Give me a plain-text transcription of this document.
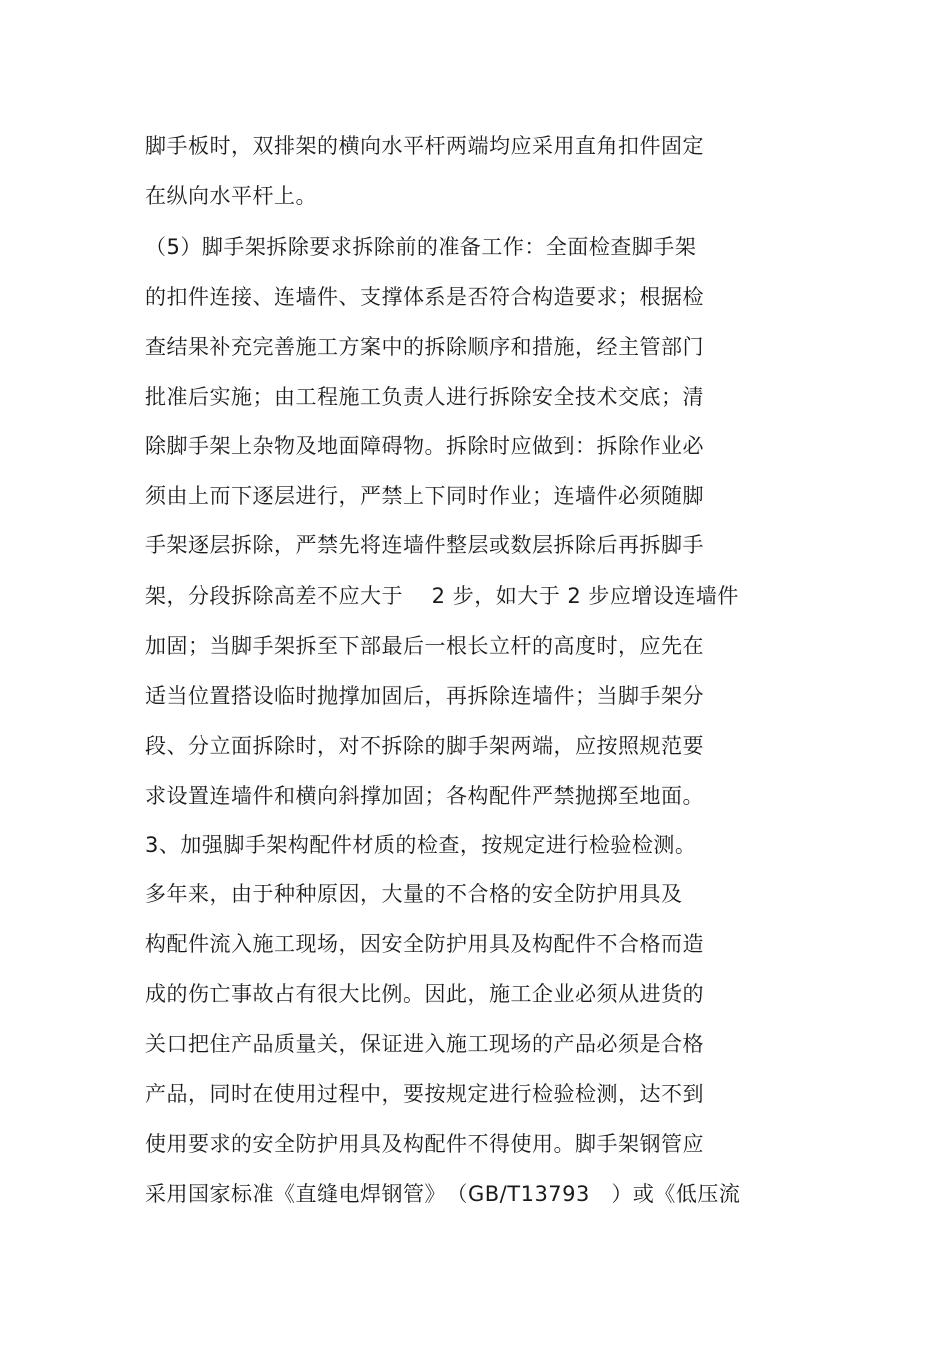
脚手板时，双排架的横向水平杆两端均应采用直角扣件固定
在纵向水平杆上。
（5）脚手架拆除要求拆除前的准备工作：全面检查脚手架
的扣件连接、连墙件、支撑体系是否符合构造要求；根据检
查结果补充完善施工方案中的拆除顺序和措施，经主管部门
批准后实施；由工程施工负责人进行拆除安全技术交底；清
除脚手架上杂物及地面障碍物。拆除时应做到：拆除作业必
须由上而下逐层进行，严禁上下同时作业；连墙件必须随脚
手架逐层拆除，严禁先将连墙件整层或数层拆除后再拆脚手
架，分段拆除高差不应大于　 2 步，如大于 2 步应增设连墙件
加固；当脚手架拆至下部最后一根长立杆的高度时，应先在
适当位置搭设临时抛撑加固后，再拆除连墙件；当脚手架分
段、分立面拆除时，对不拆除的脚手架两端，应按照规范要
求设置连墙件和横向斜撑加固；各构配件严禁抛掷至地面。
3、加强脚手架构配件材质的检查，按规定进行检验检测。
多年来，由于种种原因，大量的不合格的安全防护用具及
构配件流入施工现场，因安全防护用具及构配件不合格而造
成的伤亡事故占有很大比例。因此，施工企业必须从进货的
关口把住产品质量关，保证进入施工现场的产品必须是合格
产品，同时在使用过程中，要按规定进行检验检测，达不到
使用要求的安全防护用具及构配件不得使用。脚手架钢管应
采用国家标准《直缝电焊钢管》　（GB/T13793　）或《低压流
